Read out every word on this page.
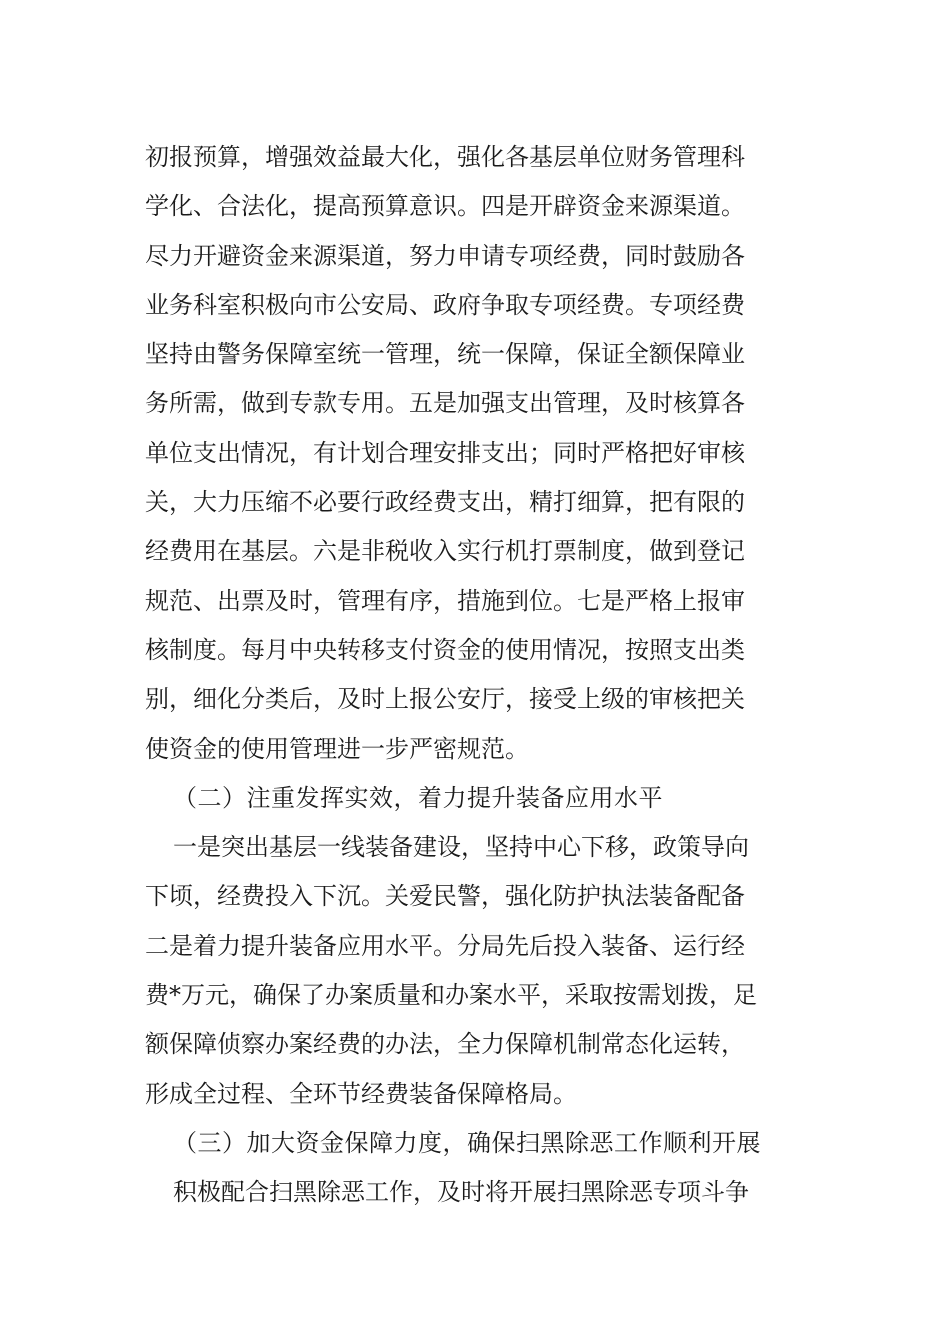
初报预算，增强效益最大化，强化各基层单位财务管理科
学化、合法化，提高预算意识。四是开辟资金来源渠道。
尽力开避资金来源渠道，努力申请专项经费，同时鼓励各
业务科室积极向市公安局、政府争取专项经费。专项经费
坚持由警务保障室统一管理，统一保障，保证全额保障业
务所需，做到专款专用。五是加强支出管理，及时核算各
单位支出情况，有计划合理安排支出；同时严格把好审核
关，大力压缩不必要行政经费支出，精打细算，把有限的
经费用在基层。六是非税收入实行机打票制度，做到登记
规范、出票及时，管理有序，措施到位。七是严格上报审
核制度。每月中央转移支付资金的使用情况，按照支出类
别，细化分类后，及时上报公安厅，接受上级的审核把关
使资金的使用管理进一步严密规范。
（二）注重发挥实效，着力提升装备应用水平
一是突出基层一线装备建设，坚持中心下移，政策导向
下顷，经费投入下沉。关爱民警，强化防护执法装备配备
二是着力提升装备应用水平。分局先后投入装备、运行经
费*万元，确保了办案质量和办案水平，采取按需划拨，足
额保障侦察办案经费的办法，全力保障机制常态化运转，
形成全过程、全环节经费装备保障格局。
（三）加大资金保障力度，确保扫黑除恶工作顺利开展
积极配合扫黑除恶工作，及时将开展扫黑除恶专项斗争
